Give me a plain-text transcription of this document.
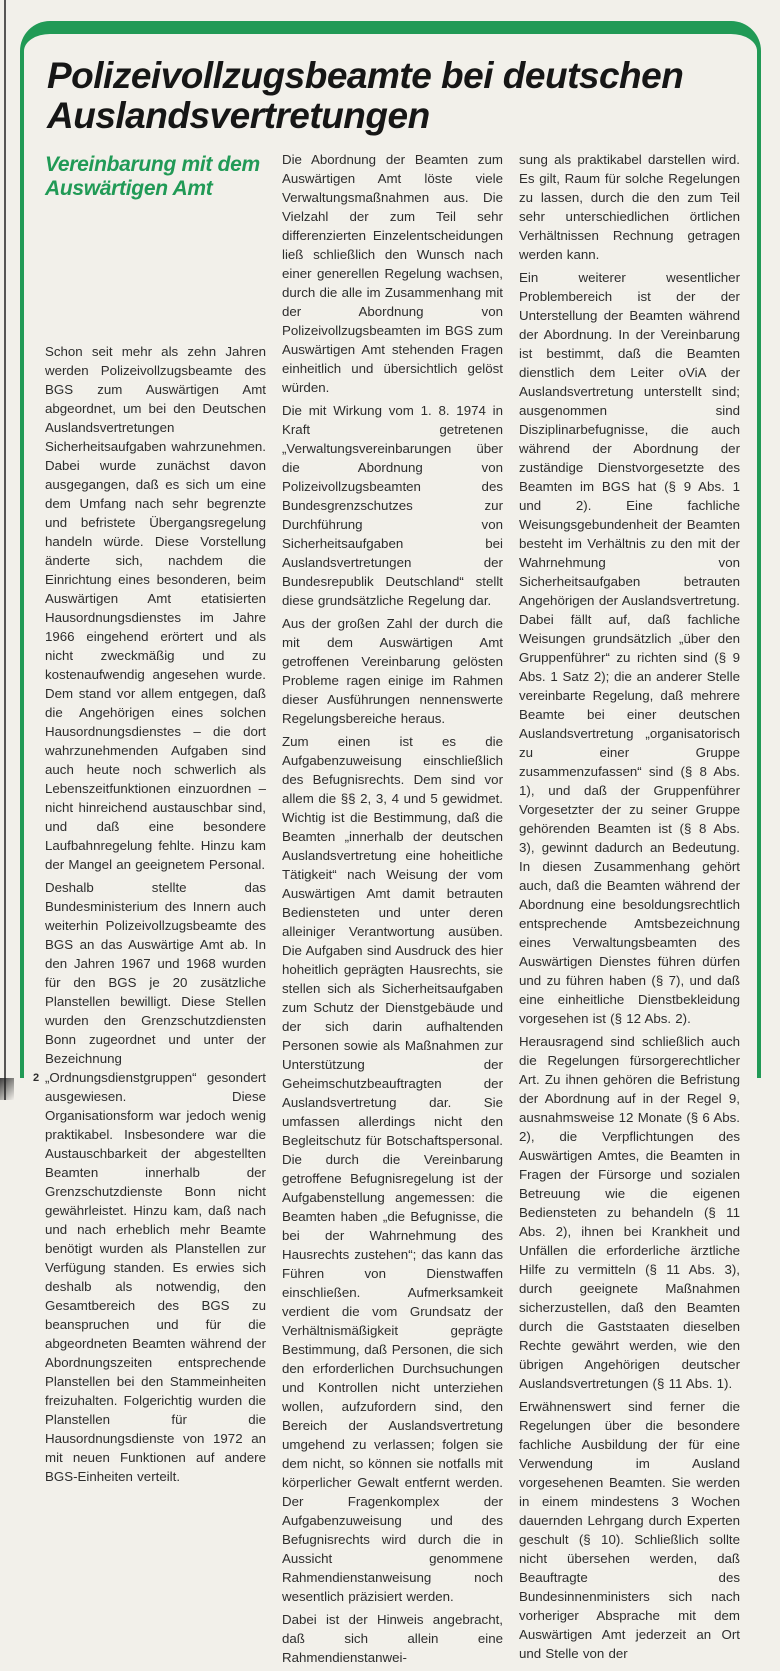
Polizeivollzugsbeamte bei deutschen
Auslandsvertretungen
Vereinbarung mit dem
Auswärtigen Amt

Schon seit mehr als zehn Jahren werden Polizeivollzugsbeamte des BGS zum Auswärtigen Amt abgeordnet, um bei den Deutschen Auslandsvertretungen Sicherheitsaufgaben wahrzunehmen. Dabei wurde zunächst davon ausgegangen, daß es sich um eine dem Umfang nach sehr begrenzte und befristete Übergangsregelung handeln würde. Diese Vorstellung änderte sich, nachdem die Einrichtung eines besonderen, beim Auswärtigen Amt etatisierten Hausordnungsdienstes im Jahre 1966 eingehend erörtert und als nicht zweckmäßig und zu kostenaufwendig angesehen wurde. Dem stand vor allem entgegen, daß die Angehörigen eines solchen Hausordnungsdienstes – die dort wahrzunehmenden Aufgaben sind auch heute noch schwerlich als Lebenszeitfunktionen einzuordnen – nicht hinreichend austauschbar sind, und daß eine besondere Laufbahnregelung fehlte. Hinzu kam der Mangel an geeignetem Personal.

Deshalb stellte das Bundesministerium des Innern auch weiterhin Polizeivollzugsbeamte des BGS an das Auswärtige Amt ab. In den Jahren 1967 und 1968 wurden für den BGS je 20 zusätzliche Planstellen bewilligt. Diese Stellen wurden den Grenzschutzdiensten Bonn zugeordnet und unter der Bezeichnung „Ordnungsdienstgruppen“ gesondert ausgewiesen. Diese Organisationsform war jedoch wenig praktikabel. Insbesondere war die Austauschbarkeit der abgestellten Beamten innerhalb der Grenzschutzdienste Bonn nicht gewährleistet. Hinzu kam, daß nach und nach erheblich mehr Beamte benötigt wurden als Planstellen zur Verfügung standen. Es erwies sich deshalb als notwendig, den Gesamtbereich des BGS zu beanspruchen und für die abgeordneten Beamten während der Abordnungszeiten entsprechende Planstellen bei den Stammeinheiten freizuhalten. Folgerichtig wurden die Planstellen für die Hausordnungsdienste von 1972 an mit neuen Funktionen auf andere BGS-Einheiten verteilt.

Die Abordnung der Beamten zum Auswärtigen Amt löste viele Verwaltungsmaßnahmen aus. Die Vielzahl der zum Teil sehr differenzierten Einzelentscheidungen ließ schließlich den Wunsch nach einer generellen Regelung wachsen, durch die alle im Zusammenhang mit der Abordnung von Polizeivollzugsbeamten im BGS zum Auswärtigen Amt stehenden Fragen einheitlich und übersichtlich gelöst würden.

Die mit Wirkung vom 1. 8. 1974 in Kraft getretenen „Verwaltungsvereinbarungen über die Abordnung von Polizeivollzugsbeamten des Bundesgrenzschutzes zur Durchführung von Sicherheitsaufgaben bei Auslandsvertretungen der Bundesrepublik Deutschland“ stellt diese grundsätzliche Regelung dar.

Aus der großen Zahl der durch die mit dem Auswärtigen Amt getroffenen Vereinbarung gelösten Probleme ragen einige im Rahmen dieser Ausführungen nennenswerte Regelungsbereiche heraus.

Zum einen ist es die Aufgabenzuweisung einschließlich des Befugnisrechts. Dem sind vor allem die §§ 2, 3, 4 und 5 gewidmet. Wichtig ist die Bestimmung, daß die Beamten „innerhalb der deutschen Auslandsvertretung eine hoheitliche Tätigkeit“ nach Weisung der vom Auswärtigen Amt damit betrauten Bediensteten und unter deren alleiniger Verantwortung ausüben. Die Aufgaben sind Ausdruck des hier hoheitlich geprägten Hausrechts, sie stellen sich als Sicherheitsaufgaben zum Schutz der Dienstgebäude und der sich darin aufhaltenden Personen sowie als Maßnahmen zur Unterstützung der Geheimschutzbeauftragten der Auslandsvertretung dar. Sie umfassen allerdings nicht den Begleitschutz für Botschaftspersonal. Die durch die Vereinbarung getroffene Befugnisregelung ist der Aufgabenstellung angemessen: die Beamten haben „die Befugnisse, die bei der Wahrnehmung des Hausrechts zustehen“; das kann das Führen von Dienstwaffen einschließen. Aufmerksamkeit verdient die vom Grundsatz der Verhältnismäßigkeit geprägte Bestimmung, daß Personen, die sich den erforderlichen Durchsuchungen und Kontrollen nicht unterziehen wollen, aufzufordern sind, den Bereich der Auslandsvertretung umgehend zu verlassen; folgen sie dem nicht, so können sie notfalls mit körperlicher Gewalt entfernt werden. Der Fragenkomplex der Aufgabenzuweisung und des Befugnisrechts wird durch die in Aussicht genommene Rahmendienstanweisung noch wesentlich präzisiert werden.

Dabei ist der Hinweis angebracht, daß sich allein eine Rahmendienstanwei-

sung als praktikabel darstellen wird. Es gilt, Raum für solche Regelungen zu lassen, durch die den zum Teil sehr unterschiedlichen örtlichen Verhältnissen Rechnung getragen werden kann.

Ein weiterer wesentlicher Problembereich ist der der Unterstellung der Beamten während der Abordnung. In der Vereinbarung ist bestimmt, daß die Beamten dienstlich dem Leiter oViA der Auslandsvertretung unterstellt sind; ausgenommen sind Disziplinarbefugnisse, die auch während der Abordnung der zuständige Dienstvorgesetzte des Beamten im BGS hat (§ 9 Abs. 1 und 2). Eine fachliche Weisungsgebundenheit der Beamten besteht im Verhältnis zu den mit der Wahrnehmung von Sicherheitsaufgaben betrauten Angehörigen der Auslandsvertretung. Dabei fällt auf, daß fachliche Weisungen grundsätzlich „über den Gruppenführer“ zu richten sind (§ 9 Abs. 1 Satz 2); die an anderer Stelle vereinbarte Regelung, daß mehrere Beamte bei einer deutschen Auslandsvertretung „organisatorisch zu einer Gruppe zusammenzufassen“ sind (§ 8 Abs. 1), und daß der Gruppenführer Vorgesetzter der zu seiner Gruppe gehörenden Beamten ist (§ 8 Abs. 3), gewinnt dadurch an Bedeutung. In diesen Zusammenhang gehört auch, daß die Beamten während der Abordnung eine besoldungsrechtlich entsprechende Amtsbezeichnung eines Verwaltungsbeamten des Auswärtigen Dienstes führen dürfen und zu führen haben (§ 7), und daß eine einheitliche Dienstbekleidung vorgesehen ist (§ 12 Abs. 2).

Herausragend sind schließlich auch die Regelungen fürsorgerechtlicher Art. Zu ihnen gehören die Befristung der Abordnung auf in der Regel 9, ausnahmsweise 12 Monate (§ 6 Abs. 2), die Verpflichtungen des Auswärtigen Amtes, die Beamten in Fragen der Fürsorge und sozialen Betreuung wie die eigenen Bediensteten zu behandeln (§ 11 Abs. 2), ihnen bei Krankheit und Unfällen die erforderliche ärztliche Hilfe zu vermitteln (§ 11 Abs. 3), durch geeignete Maßnahmen sicherzustellen, daß den Beamten durch die Gaststaaten dieselben Rechte gewährt werden, wie den übrigen Angehörigen deutscher Auslandsvertretungen (§ 11 Abs. 1).

Erwähnenswert sind ferner die Regelungen über die besondere fachliche Ausbildung der für eine Verwendung im Ausland vorgesehenen Beamten. Sie werden in einem mindestens 3 Wochen dauernden Lehrgang durch Experten geschult (§ 10). Schließlich sollte nicht übersehen werden, daß Beauftragte des Bundesinnenministers sich nach vorheriger Absprache mit dem Auswärtigen Amt jederzeit an Ort und Stelle von der

2
